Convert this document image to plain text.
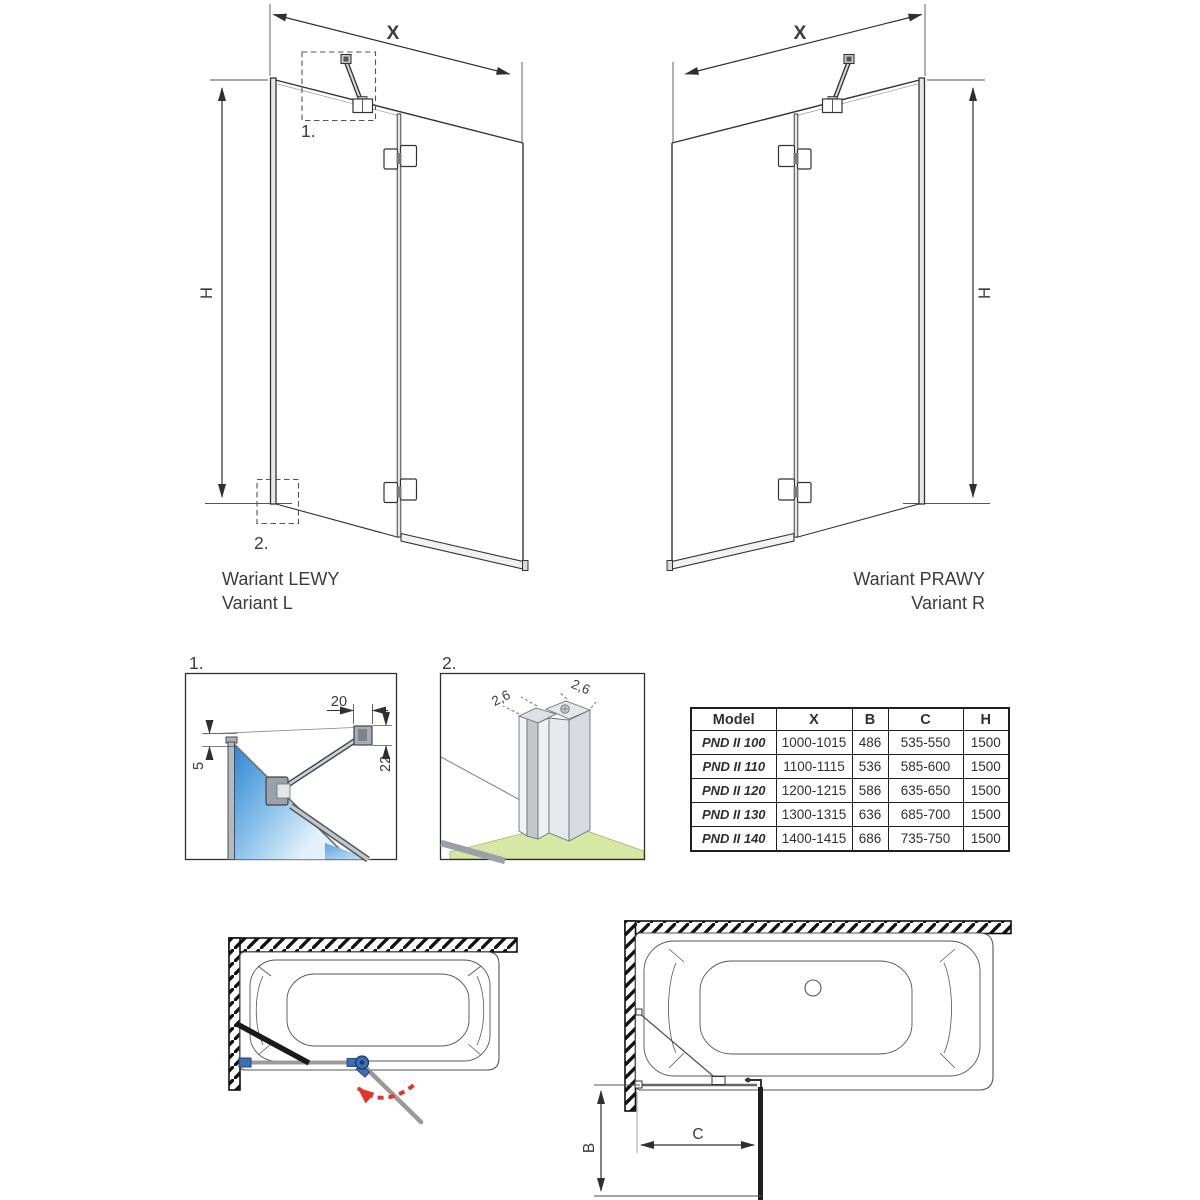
1.
2.
X
H
Wariant LEWY
Variant L
X
H
Wariant PRAWY
Variant R
1.
20
5	22
2.
2,6
2,6
B
C
Model	X	B	C	H
PND II 100	1000-1015	486	535-550	1500
PND II 110	1100-1115	536	585-600	1500
PND II 120	1200-1215	586	635-650	1500
PND II 130	1300-1315	636	685-700	1500
PND II 140	1400-1415	686	735-750	1500
